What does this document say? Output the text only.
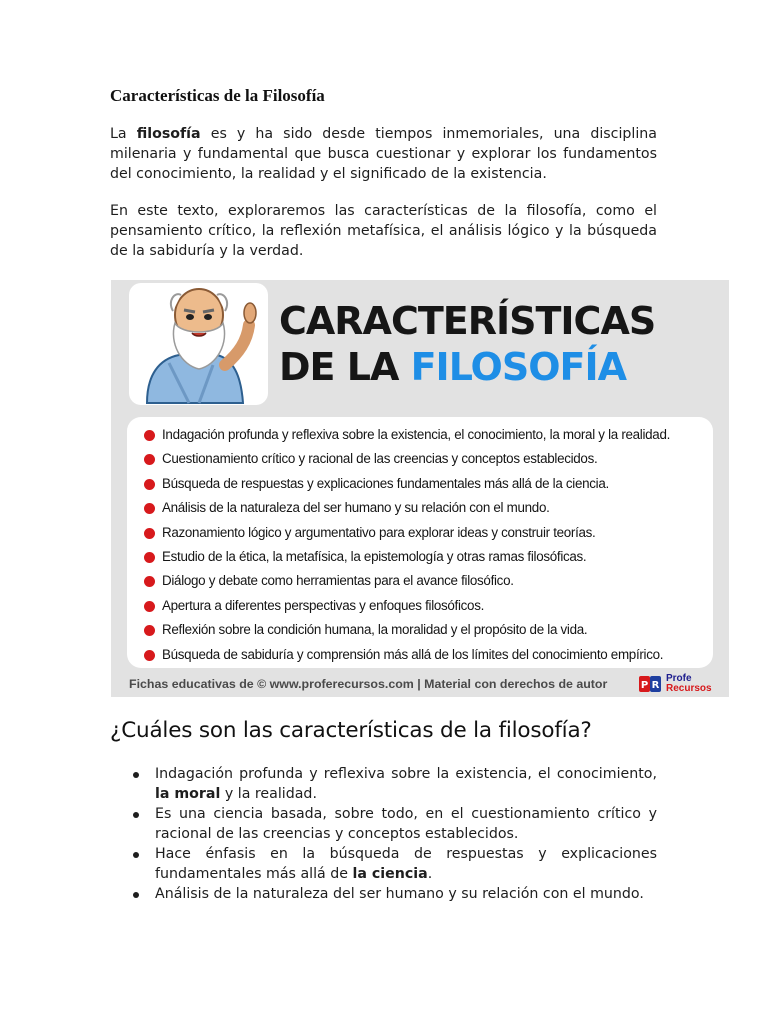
Características de la Filosofía

La filosofía es y ha sido desde tiempos inmemoriales, una disciplina milenaria y fundamental que busca cuestionar y explorar los fundamentos del conocimiento, la realidad y el significado de la existencia.

En este texto, exploraremos las características de la filosofía, como el pensamiento crítico, la reflexión metafísica, el análisis lógico y la búsqueda de la sabiduría y la verdad.

CARACTERÍSTICAS
DE LA FILOSOFÍA
Indagación profunda y reflexiva sobre la existencia, el conocimiento, la moral y la realidad.
Cuestionamiento crítico y racional de las creencias y conceptos establecidos.
Búsqueda de respuestas y explicaciones fundamentales más allá de la ciencia.
Análisis de la naturaleza del ser humano y su relación con el mundo.
Razonamiento lógico y argumentativo para explorar ideas y construir teorías.
Estudio de la ética, la metafísica, la epistemología y otras ramas filosóficas.
Diálogo y debate como herramientas para el avance filosófico.
Apertura a diferentes perspectivas y enfoques filosóficos.
Reflexión sobre la condición humana, la moralidad y el propósito de la vida.
Búsqueda de sabiduría y comprensión más allá de los límites del conocimiento empírico.
Fichas educativas de © www.proferecursos.com | Material con derechos de autor	P R
Profe
Recursos
¿Cuáles son las características de la filosofía?
Indagación profunda y reflexiva sobre la existencia, el conocimiento, la moral y la realidad.
Es una ciencia basada, sobre todo, en el cuestionamiento crítico y racional de las creencias y conceptos establecidos.
Hace énfasis en la búsqueda de respuestas y explicaciones fundamentales más allá de la ciencia.
Análisis de la naturaleza del ser humano y su relación con el mundo.
